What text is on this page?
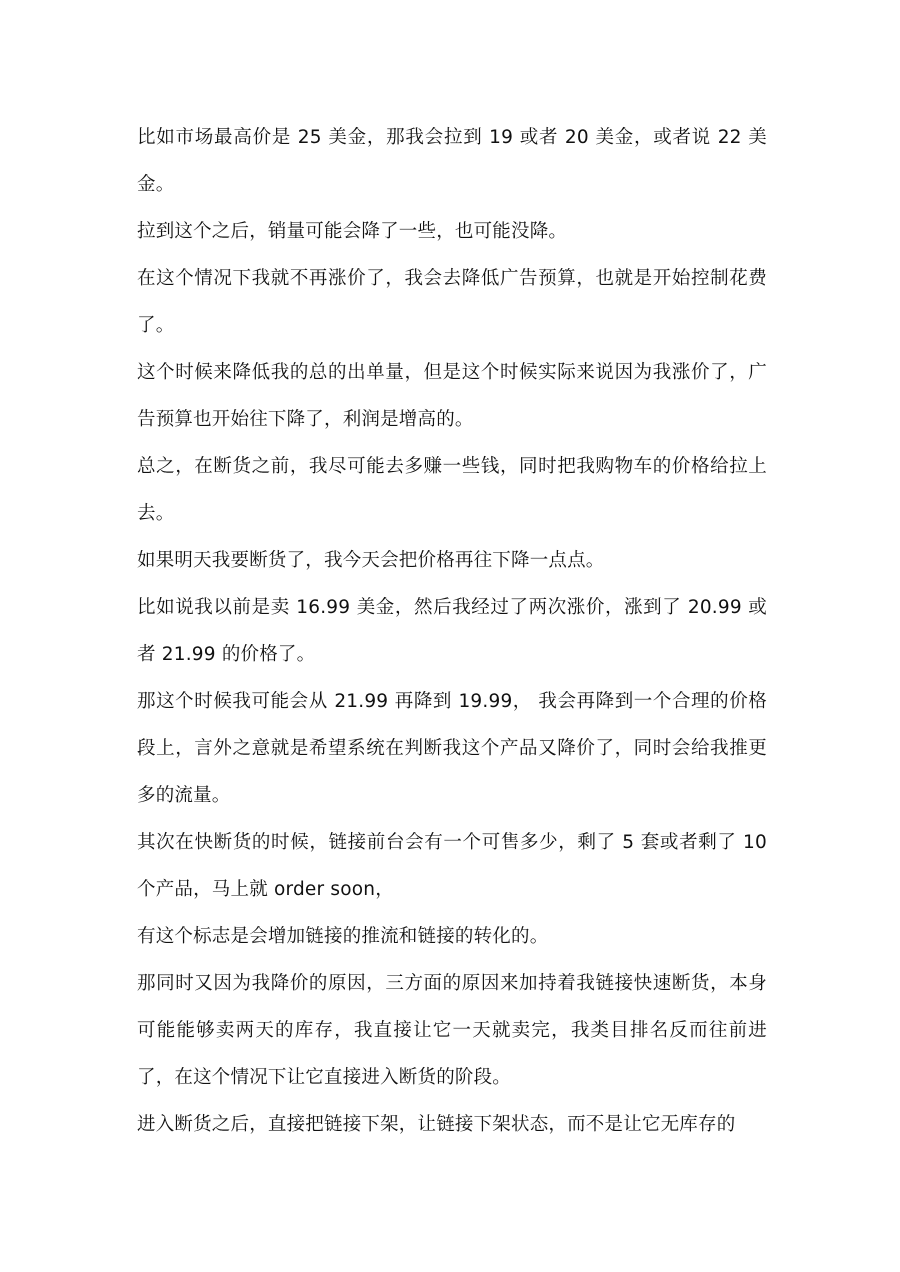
比如市场最高价是 25 美金，那我会拉到 19 或者 20 美金，或者说 22 美金。

拉到这个之后，销量可能会降了一些，也可能没降。

在这个情况下我就不再涨价了，我会去降低广告预算，也就是开始控制花费了。

这个时候来降低我的总的出单量，但是这个时候实际来说因为我涨价了，广告预算也开始往下降了，利润是增高的。

总之，在断货之前，我尽可能去多赚一些钱，同时把我购物车的价格给拉上去。

如果明天我要断货了，我今天会把价格再往下降一点点。

比如说我以前是卖 16.99 美金，然后我经过了两次涨价，涨到了 20.99 或者 21.99 的价格了。

那这个时候我可能会从 21.99 再降到 19.99， 我会再降到一个合理的价格段上，言外之意就是希望系统在判断我这个产品又降价了，同时会给我推更多的流量。

其次在快断货的时候，链接前台会有一个可售多少，剩了 5 套或者剩了 10 个产品，马上就 order soon，

有这个标志是会增加链接的推流和链接的转化的。

那同时又因为我降价的原因，三方面的原因来加持着我链接快速断货，本身可能能够卖两天的库存，我直接让它一天就卖完，我类目排名反而往前进了，在这个情况下让它直接进入断货的阶段。

进入断货之后，直接把链接下架，让链接下架状态，而不是让它无库存的
